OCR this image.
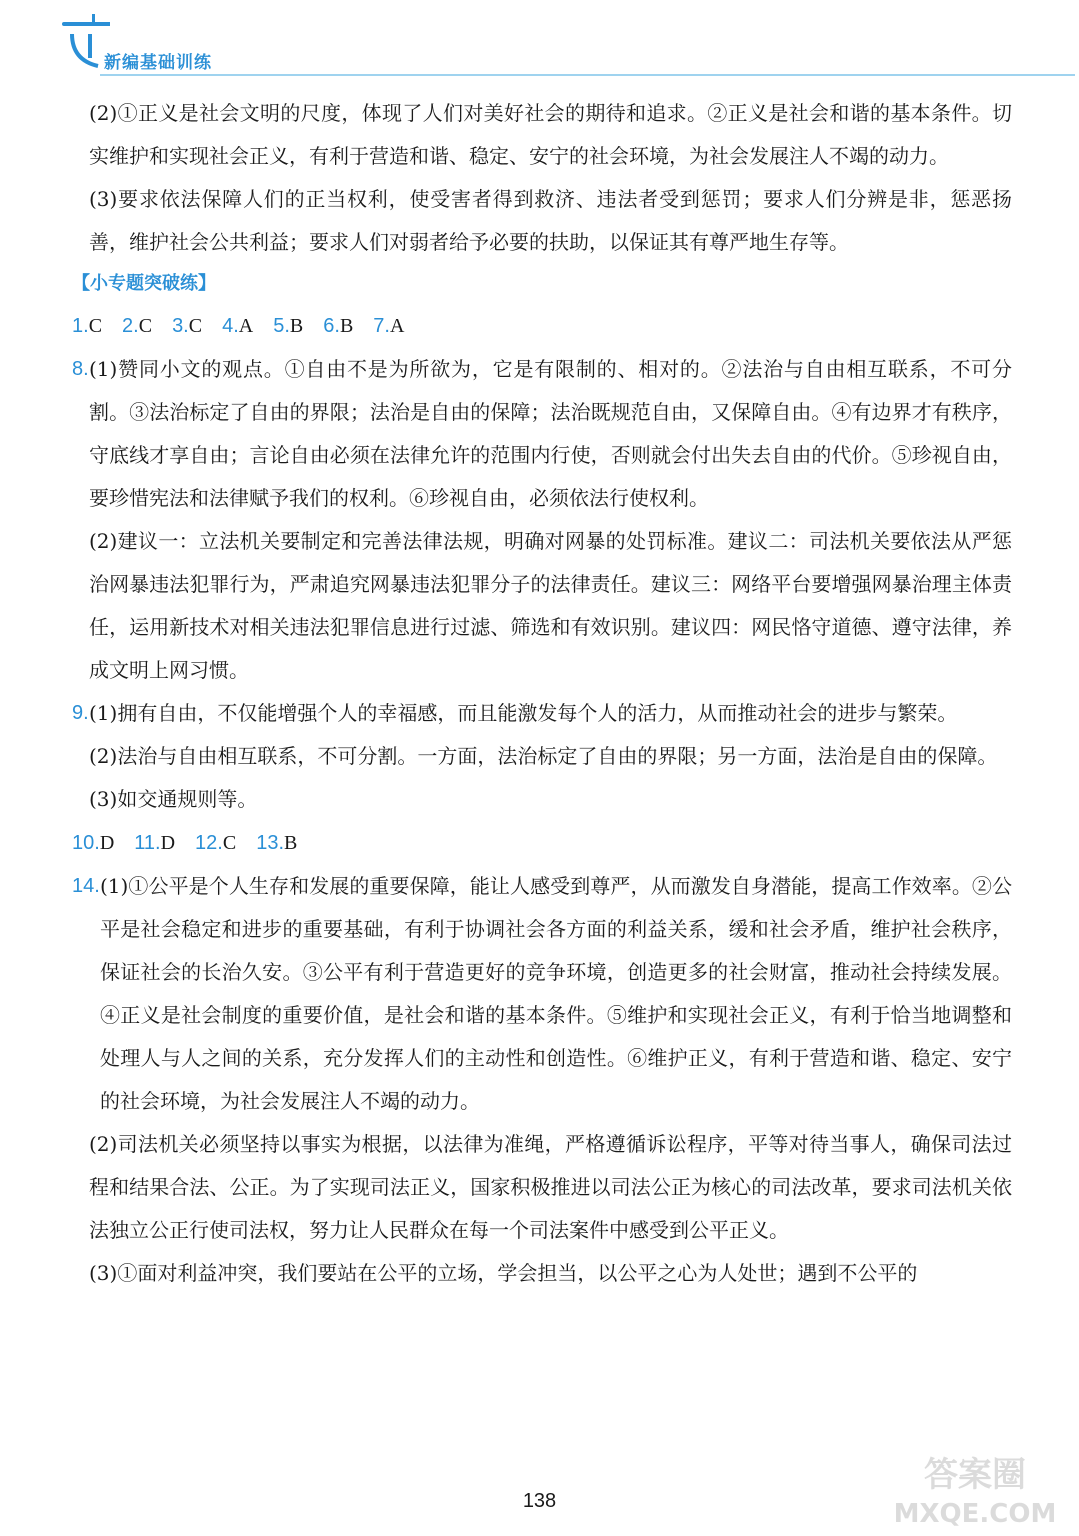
新编基础训练

(2)①正义是社会文明的尺度，体现了人们对美好社会的期待和追求。②正义是社会和谐的基本条件。切实维护和实现社会正义，有利于营造和谐、稳定、安宁的社会环境，为社会发展注人不竭的动力。

(3)要求依法保障人们的正当权利，使受害者得到救济、违法者受到惩罚；要求人们分辨是非，惩恶扬善，维护社会公共利益；要求人们对弱者给予必要的扶助，以保证其有尊严地生存等。

【小专题突破练】

1.C 2.C 3.C 4.A 5.B 6.B 7.A

8. (1)赞同小文的观点。①自由不是为所欲为，它是有限制的、相对的。②法治与自由相互联系，不可分割。③法治标定了自由的界限；法治是自由的保障；法治既规范自由，又保障自由。④有边界才有秩序，守底线才享自由；言论自由必须在法律允许的范围内行使，否则就会付出失去自由的代价。⑤珍视自由，要珍惜宪法和法律赋予我们的权利。⑥珍视自由，必须依法行使权利。

(2)建议一：立法机关要制定和完善法律法规，明确对网暴的处罚标准。建议二：司法机关要依法从严惩治网暴违法犯罪行为，严肃追究网暴违法犯罪分子的法律责任。建议三：网络平台要增强网暴治理主体责任，运用新技术对相关违法犯罪信息进行过滤、筛选和有效识别。建议四：网民恪守道德、遵守法律，养成文明上网习惯。

9. (1)拥有自由，不仅能增强个人的幸福感，而且能激发每个人的活力，从而推动社会的进步与繁荣。

(2)法治与自由相互联系，不可分割。一方面，法治标定了自由的界限；另一方面，法治是自由的保障。

(3)如交通规则等。

10.D 11.D 12.C 13.B

14. (1)①公平是个人生存和发展的重要保障，能让人感受到尊严，从而激发自身潜能，提高工作效率。②公平是社会稳定和进步的重要基础，有利于协调社会各方面的利益关系，缓和社会矛盾，维护社会秩序，保证社会的长治久安。③公平有利于营造更好的竞争环境，创造更多的社会财富，推动社会持续发展。④正义是社会制度的重要价值，是社会和谐的基本条件。⑤维护和实现社会正义，有利于恰当地调整和处理人与人之间的关系，充分发挥人们的主动性和创造性。⑥维护正义，有利于营造和谐、稳定、安宁的社会环境，为社会发展注人不竭的动力。

(2)司法机关必须坚持以事实为根据，以法律为准绳，严格遵循诉讼程序，平等对待当事人，确保司法过程和结果合法、公正。为了实现司法正义，国家积极推进以司法公正为核心的司法改革，要求司法机关依法独立公正行使司法权，努力让人民群众在每一个司法案件中感受到公平正义。

(3)①面对利益冲突，我们要站在公平的立场，学会担当，以公平之心为人处世；遇到不公平的

138
答案圈
MXQE.COM
